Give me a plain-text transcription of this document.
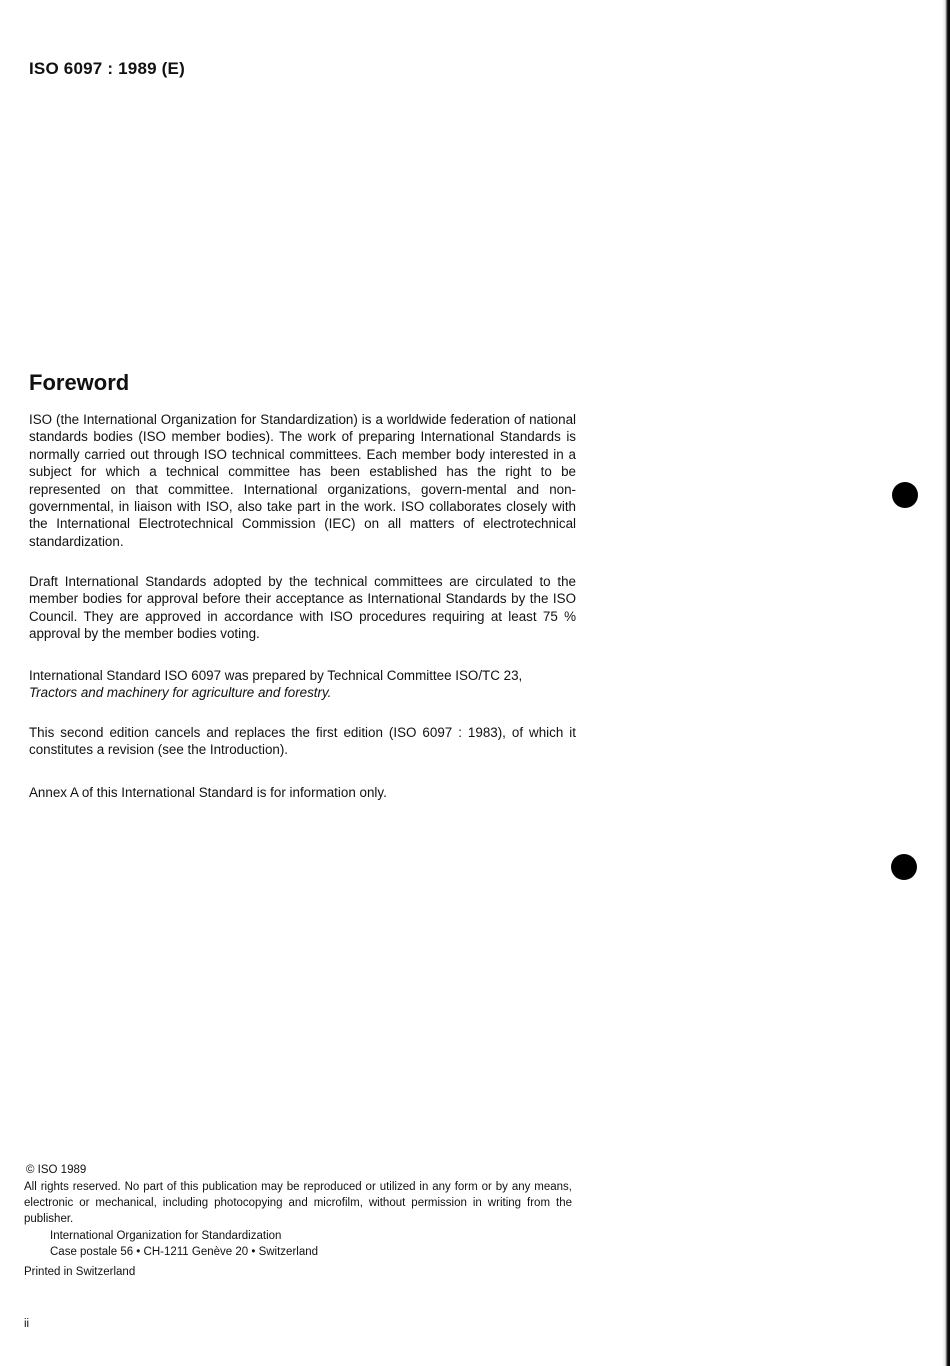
ISO 6097 : 1989 (E)
Foreword

ISO (the International Organization for Standardization) is a worldwide federation of national standards bodies (ISO member bodies). The work of preparing International Standards is normally carried out through ISO technical committees. Each member body interested in a subject for which a technical committee has been established has the right to be represented on that committee. International organizations, govern-mental and non-governmental, in liaison with ISO, also take part in the work. ISO collaborates closely with the International Electrotechnical Commission (IEC) on all matters of electrotechnical standardization.

Draft International Standards adopted by the technical committees are circulated to the member bodies for approval before their acceptance as International Standards by the ISO Council. They are approved in accordance with ISO procedures requiring at least 75 % approval by the member bodies voting.

International Standard ISO 6097 was prepared by Technical Committee ISO/TC 23,
Tractors and machinery for agriculture and forestry.

This second edition cancels and replaces the first edition (ISO 6097 : 1983), of which it constitutes a revision (see the Introduction).

Annex A of this International Standard is for information only.

© ISO 1989
All rights reserved. No part of this publication may be reproduced or utilized in any form or by any means, electronic or mechanical, including photocopying and microfilm, without permission in writing from the publisher.
International Organization for Standardization
Case postale 56 • CH-1211 Genève 20 • Switzerland
Printed in Switzerland
ii
